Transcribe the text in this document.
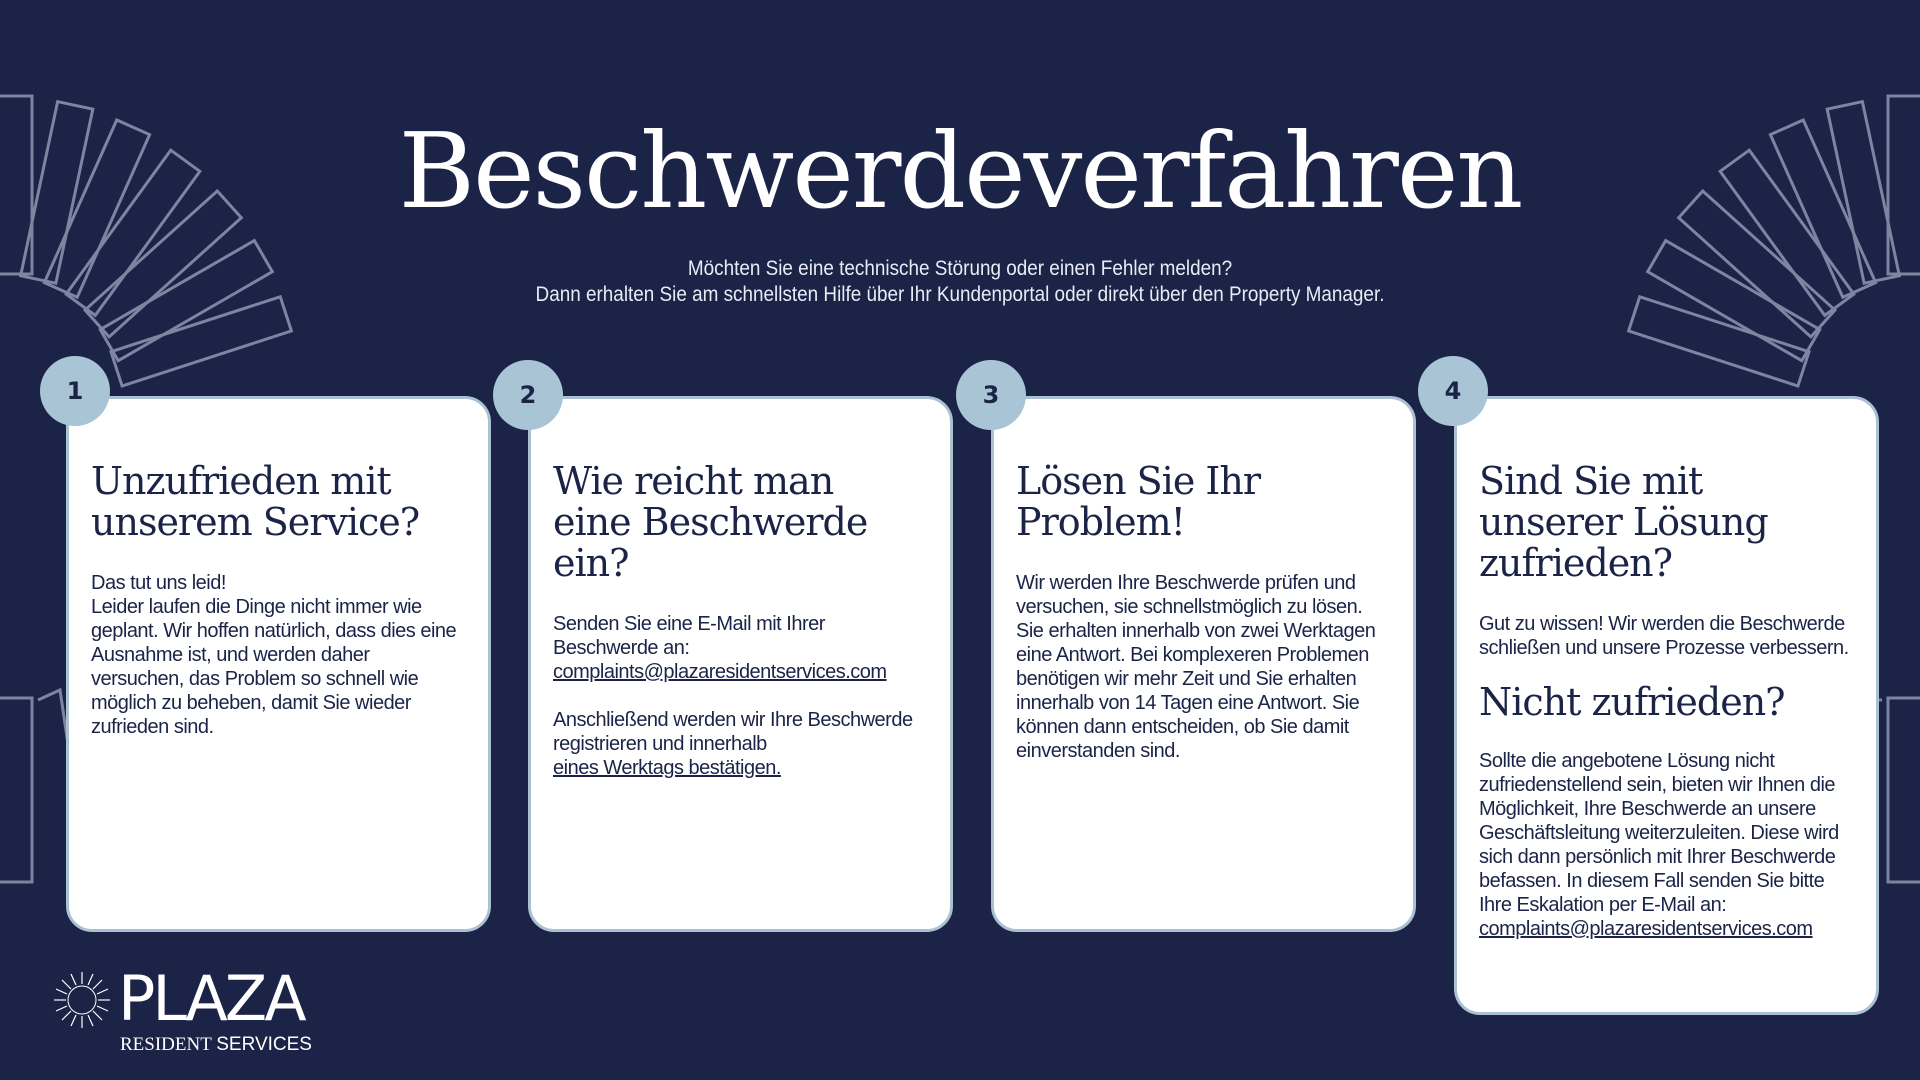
Beschwerdeverfahren
Möchten Sie eine technische Störung oder einen Fehler melden?
Dann erhalten Sie am schnellsten Hilfe über Ihr Kundenportal oder direkt über den Property Manager.
Unzufrieden mit
unserem Service?

Das tut uns leid!
Leider laufen die Dinge nicht immer wie geplant. Wir hoffen natürlich, dass dies eine Ausnahme ist, und werden daher versuchen, das Problem so schnell wie möglich zu beheben, damit Sie wieder zufrieden sind.

1
Wie reicht man
eine Beschwerde ein?

Senden Sie eine E-Mail mit Ihrer Beschwerde an:
complaints@plazaresidentservices.com

Anschließend werden wir Ihre Beschwerde registrieren und innerhalb
eines Werktags bestätigen.

2
Lösen Sie Ihr
Problem!

Wir werden Ihre Beschwerde prüfen und versuchen, sie schnellstmöglich zu lösen. Sie erhalten innerhalb von zwei Werktagen eine Antwort. Bei komplexeren Problemen benötigen wir mehr Zeit und Sie erhalten innerhalb von 14 Tagen eine Antwort. Sie können dann entscheiden, ob Sie damit einverstanden sind.

3
Sind Sie mit
unserer Lösung
zufrieden?

Gut zu wissen! Wir werden die Beschwerde schließen und unsere Prozesse verbessern.

Nicht zufrieden?

Sollte die angebotene Lösung nicht zufriedenstellend sein, bieten wir Ihnen die Möglichkeit, Ihre Beschwerde an unsere Geschäftsleitung weiterzuleiten. Diese wird sich dann persönlich mit Ihrer Beschwerde befassen. In diesem Fall senden Sie bitte Ihre Eskalation per E-Mail an:
complaints@plazaresidentservices.com

4
PLAZA
RESIDENT SERVICES
